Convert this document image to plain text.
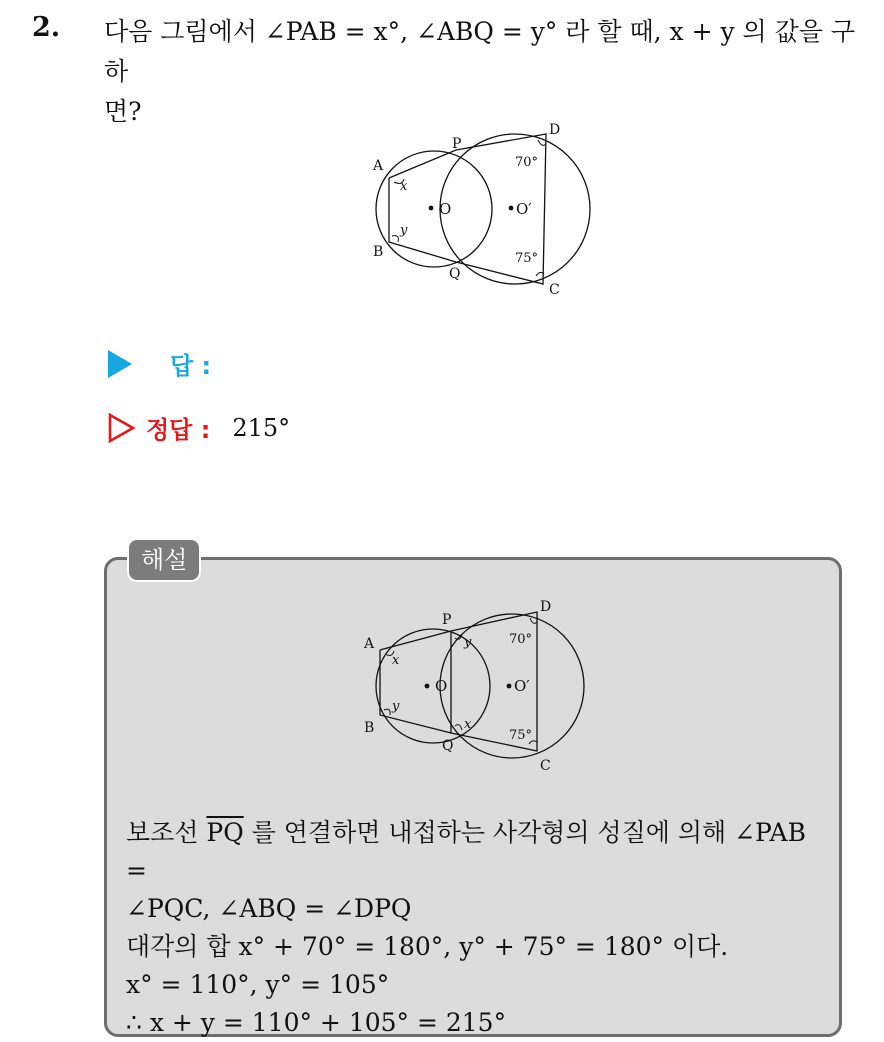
2. 다음 그림에서 ∠PAB = x°, ∠ABQ = y° 라 할 때, x + y 의 값을 구하
면?
A
P
D
B
Q
C
x
y
O	O′
70°
75°
답 :
정답 : 215°
해설
A
P
D
B
Q
C
x
y
y
x
O	O′
70°
75°
보조선 $\overline{PQ}$ 를 연결하면 내접하는 사각형의 성질에 의해 ∠PAB =
∠PQC, ∠ABQ = ∠DPQ
대각의 합 x° + 70° = 180°, y° + 75° = 180° 이다.
x° = 110°, y° = 105°
∴ x + y = 110° + 105° = 215°
